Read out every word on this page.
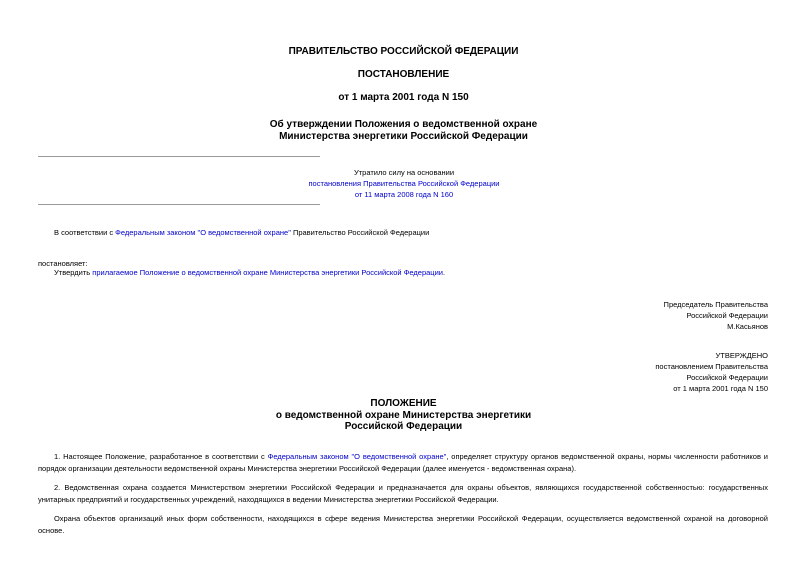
ПРАВИТЕЛЬСТВО РОССИЙСКОЙ ФЕДЕРАЦИИ
ПОСТАНОВЛЕНИЕ
от 1 марта 2001 года N 150
Об утверждении Положения о ведомственной охране
Министерства энергетики Российской Федерации
Утратило силу на основании
постановления Правительства Российской Федерации
от 11 марта 2008 года N 160
В соответствии с Федеральным законом "О ведомственной охране" Правительство Российской Федерации
постановляет:
Утвердить прилагаемое Положение о ведомственной охране Министерства энергетики Российской Федерации.
Председатель Правительства
Российской Федерации
М.Касьянов
УТВЕРЖДЕНО
постановлением Правительства
Российской Федерации
от 1 марта 2001 года N 150
ПОЛОЖЕНИЕ
о ведомственной охране Министерства энергетики
Российской Федерации
1. Настоящее Положение, разработанное в соответствии с Федеральным законом "О ведомственной охране", определяет структуру органов ведомственной охраны, нормы численности работников и порядок организации деятельности ведомственной охраны Министерства энергетики Российской Федерации (далее именуется - ведомственная охрана).
2. Ведомственная охрана создается Министерством энергетики Российской Федерации и предназначается для охраны объектов, являющихся государственной собственностью: государственных унитарных предприятий и государственных учреждений, находящихся в ведении Министерства энергетики Российской Федерации.
Охрана объектов организаций иных форм собственности, находящихся в сфере ведения Министерства энергетики Российской Федерации, осуществляется ведомственной охраной на договорной основе.
